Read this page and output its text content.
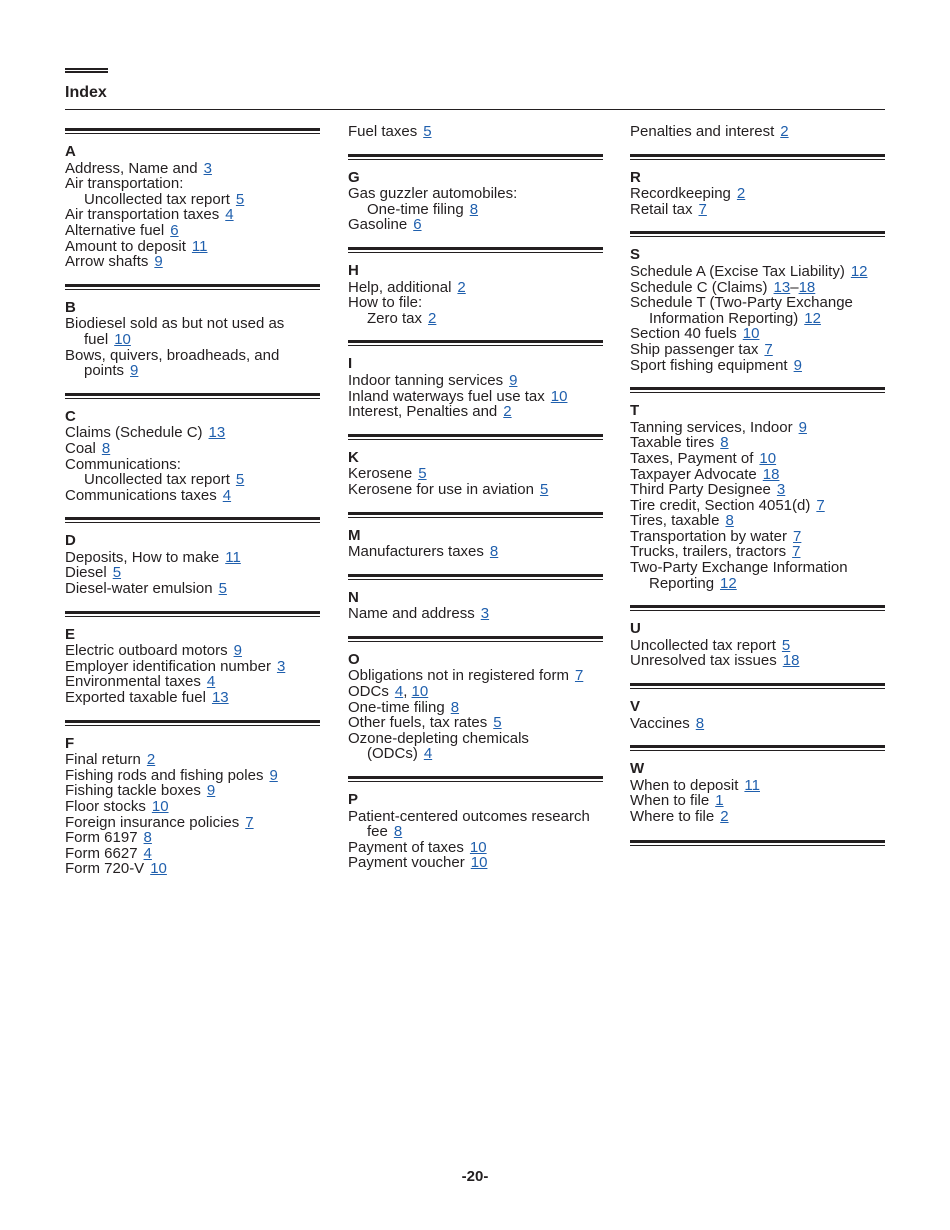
Index
A
Address, Name and 3
Air transportation:
Uncollected tax report 5
Air transportation taxes 4
Alternative fuel 6
Amount to deposit 11
Arrow shafts 9
B
Biodiesel sold as but not used as
fuel 10
Bows, quivers, broadheads, and
points 9
C
Claims (Schedule C) 13
Coal 8
Communications:
Uncollected tax report 5
Communications taxes 4
D
Deposits, How to make 11
Diesel 5
Diesel-water emulsion 5
E
Electric outboard motors 9
Employer identification number 3
Environmental taxes 4
Exported taxable fuel 13
F
Final return 2
Fishing rods and fishing poles 9
Fishing tackle boxes 9
Floor stocks 10
Foreign insurance policies 7
Form 6197 8
Form 6627 4
Form 720-V 10
Fuel taxes 5
G
Gas guzzler automobiles:
One-time filing 8
Gasoline 6
H
Help, additional 2
How to file:
Zero tax 2
I
Indoor tanning services 9
Inland waterways fuel use tax 10
Interest, Penalties and 2
K
Kerosene 5
Kerosene for use in aviation 5
M
Manufacturers taxes 8
N
Name and address 3
O
Obligations not in registered form 7
ODCs 4, 10
One-time filing 8
Other fuels, tax rates 5
Ozone-depleting chemicals
(ODCs) 4
P
Patient-centered outcomes research
fee 8
Payment of taxes 10
Payment voucher 10
Penalties and interest 2
R
Recordkeeping 2
Retail tax 7
S
Schedule A (Excise Tax Liability) 12
Schedule C (Claims) 13–18
Schedule T (Two-Party Exchange
Information Reporting) 12
Section 40 fuels 10
Ship passenger tax 7
Sport fishing equipment 9
T
Tanning services, Indoor 9
Taxable tires 8
Taxes, Payment of 10
Taxpayer Advocate 18
Third Party Designee 3
Tire credit, Section 4051(d) 7
Tires, taxable 8
Transportation by water 7
Trucks, trailers, tractors 7
Two-Party Exchange Information
Reporting 12
U
Uncollected tax report 5
Unresolved tax issues 18
V
Vaccines 8
W
When to deposit 11
When to file 1
Where to file 2
-20-
